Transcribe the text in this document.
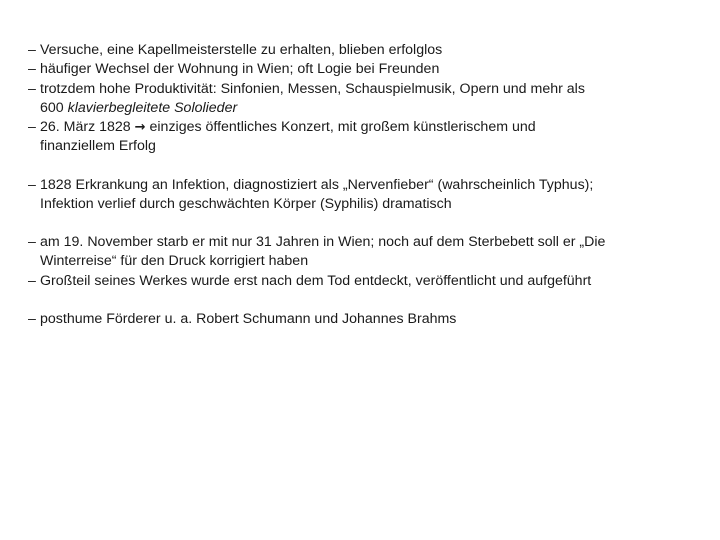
– Versuche, eine Kapellmeisterstelle zu erhalten, blieben erfolglos
– häufiger Wechsel der Wohnung in Wien; oft Logie bei Freunden
– trotzdem hohe Produktivität: Sinfonien, Messen, Schauspielmusik, Opern und mehr als
600 klavierbegleitete Sololieder
– 26. März 1828 → einziges öffentliches Konzert, mit großem künstlerischem und
finanziellem Erfolg
– 1828 Erkrankung an Infektion, diagnostiziert als „Nervenfieber“ (wahrscheinlich Typhus);
Infektion verlief durch geschwächten Körper (Syphilis) dramatisch
– am 19. November starb er mit nur 31 Jahren in Wien; noch auf dem Sterbebett soll er „Die
Winterreise“ für den Druck korrigiert haben
– Großteil seines Werkes wurde erst nach dem Tod entdeckt, veröffentlicht und aufgeführt
– posthume Förderer u. a. Robert Schumann und Johannes Brahms
